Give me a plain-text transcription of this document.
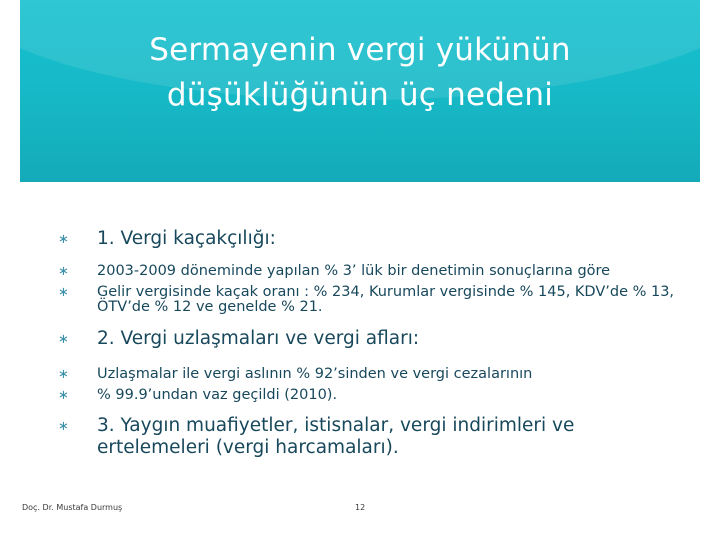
Sermayenin vergi yükünün
düşüklüğünün üç nedeni
∗ 1. Vergi kaçakçılığı:
∗ 2003-2009 döneminde yapılan % 3’ lük bir denetimin sonuçlarına göre
∗ Gelir vergisinde kaçak oranı : % 234, Kurumlar vergisinde % 145, KDV’de % 13, ÖTV’de % 12 ve genelde % 21.
∗ 2. Vergi uzlaşmaları ve vergi afları:
∗ Uzlaşmalar ile vergi aslının % 92’sinden ve vergi cezalarının
∗ % 99.9’undan vaz geçildi (2010).
∗ 3. Yaygın muafiyetler, istisnalar, vergi indirimleri ve ertelemeleri (vergi harcamaları).
Doç. Dr. Mustafa Durmuş	12
